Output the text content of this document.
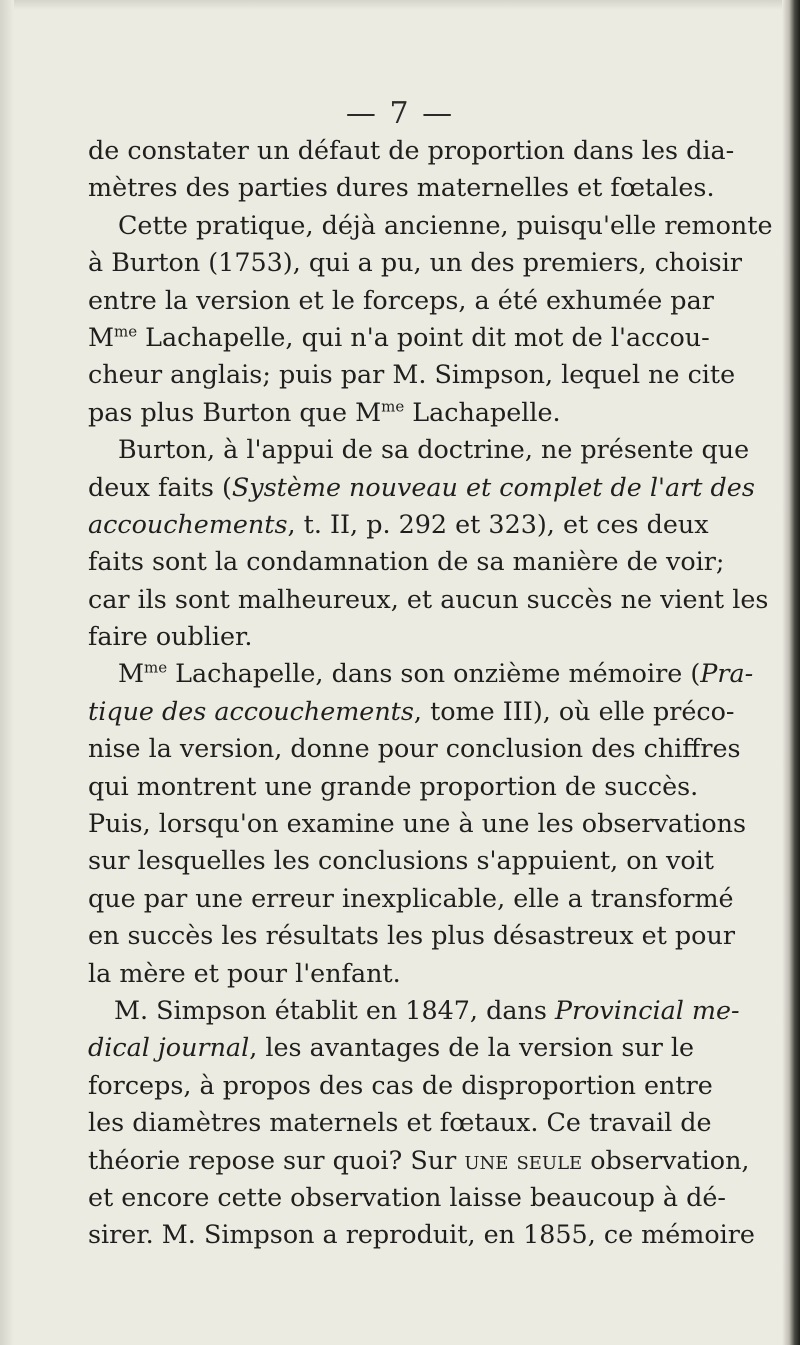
— 7 —
de constater un défaut de proportion dans les dia-
mètres des parties dures maternelles et fœtales.
Cette pratique, déjà ancienne, puisqu'elle remonte
à Burton (1753), qui a pu, un des premiers, choisir
entre la version et le forceps, a été exhumée par
$M^{me}$ Lachapelle, qui n'a point dit mot de l'accou-
cheur anglais; puis par M. Simpson, lequel ne cite
pas plus Burton que $M^{me}$ Lachapelle.
Burton, à l'appui de sa doctrine, ne présente que
deux faits (Système nouveau et complet de l'art des
accouchements, t. II, p. 292 et 323), et ces deux
faits sont la condamnation de sa manière de voir;
car ils sont malheureux, et aucun succès ne vient les
faire oublier.
$M^{me}$ Lachapelle, dans son onzième mémoire (Pra-
tique des accouchements, tome III), où elle préco-
nise la version, donne pour conclusion des chiffres
qui montrent une grande proportion de succès.
Puis, lorsqu'on examine une à une les observations
sur lesquelles les conclusions s'appuient, on voit
que par une erreur inexplicable, elle a transformé
en succès les résultats les plus désastreux et pour
la mère et pour l'enfant.
M. Simpson établit en 1847, dans Provincial me-
dical journal, les avantages de la version sur le
forceps, à propos des cas de disproportion entre
les diamètres maternels et fœtaux. Ce travail de
théorie repose sur quoi? Sur une seule observation,
et encore cette observation laisse beaucoup à dé-
sirer. M. Simpson a reproduit, en 1855, ce mémoire
